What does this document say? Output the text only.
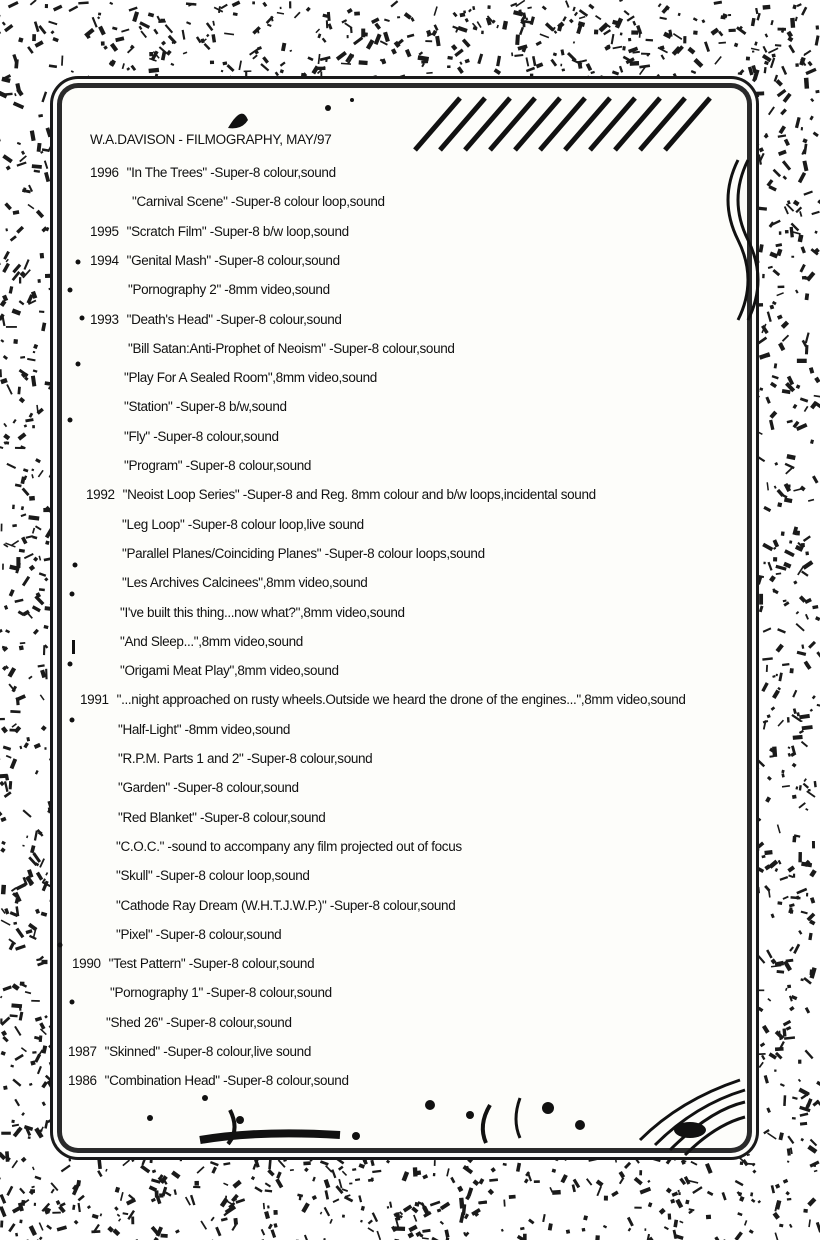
W.A.DAVISON - FILMOGRAPHY, MAY/97
1996 "In The Trees" -Super-8 colour,sound
"Carnival Scene" -Super-8 colour loop,sound
1995 "Scratch Film" -Super-8 b/w loop,sound
1994 "Genital Mash" -Super-8 colour,sound
"Pornography 2" -8mm video,sound
1993 "Death's Head" -Super-8 colour,sound
"Bill Satan:Anti-Prophet of Neoism" -Super-8 colour,sound
"Play For A Sealed Room",8mm video,sound
"Station" -Super-8 b/w,sound
"Fly" -Super-8 colour,sound
"Program" -Super-8 colour,sound
1992 "Neoist Loop Series" -Super-8 and Reg. 8mm colour and b/w loops,incidental sound
"Leg Loop" -Super-8 colour loop,live sound
"Parallel Planes/Coinciding Planes" -Super-8 colour loops,sound
"Les Archives Calcinees",8mm video,sound
"I've built this thing...now what?",8mm video,sound
"And Sleep...",8mm video,sound
"Origami Meat Play",8mm video,sound
1991 "...night approached on rusty wheels.Outside we heard the drone of the engines...",8mm video,sound
"Half-Light" -8mm video,sound
"R.P.M. Parts 1 and 2" -Super-8 colour,sound
"Garden" -Super-8 colour,sound
"Red Blanket" -Super-8 colour,sound
"C.O.C." -sound to accompany any film projected out of focus
"Skull" -Super-8 colour loop,sound
"Cathode Ray Dream (W.H.T.J.W.P.)" -Super-8 colour,sound
"Pixel" -Super-8 colour,sound
1990 "Test Pattern" -Super-8 colour,sound
"Pornography 1" -Super-8 colour,sound
"Shed 26" -Super-8 colour,sound
1987 "Skinned" -Super-8 colour,live sound
1986 "Combination Head" -Super-8 colour,sound
